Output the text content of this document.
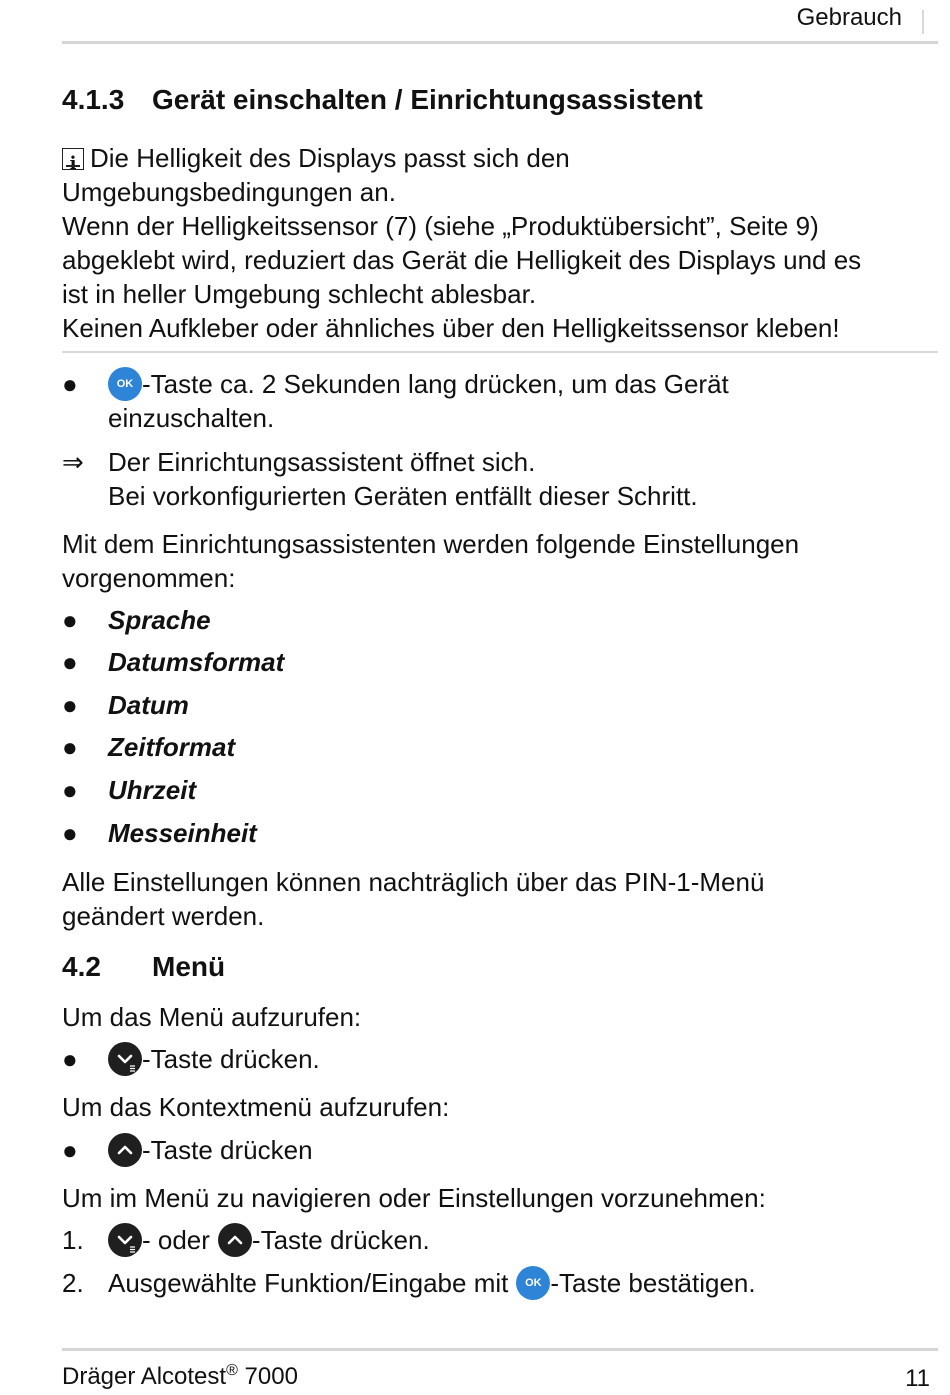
Gebrauch
4.1.3 Gerät einschalten / Einrichtungsassistent
iDie Helligkeit des Displays passt sich den
Umgebungsbedingungen an.
Wenn der Helligkeitssensor (7) (siehe „Produktübersicht”, Seite 9)
abgeklebt wird, reduziert das Gerät die Helligkeit des Displays und es
ist in heller Umgebung schlecht ablesbar.
Keinen Aufkleber oder ähnliches über den Helligkeitssensor kleben!
●	OK -Taste ca. 2 Sekunden lang drücken, um das Gerät
einzuschalten.
⇒ Der Einrichtungsassistent öffnet sich.
Bei vorkonfigurierten Geräten entfällt dieser Schritt.
Mit dem Einrichtungsassistenten werden folgende Einstellungen
vorgenommen:
●	Sprache
●	Datumsformat
●	Datum
●	Zeitformat
●	Uhrzeit
●	Messeinheit
Alle Einstellungen können nachträglich über das PIN-1-Menü
geändert werden.
4.2 Menü
Um das Menü aufzurufen:
●	-Taste drücken.
Um das Kontextmenü aufzurufen:
●	-Taste drücken
Um im Menü zu navigieren oder Einstellungen vorzunehmen:
1.	- oder -Taste drücken.
2. Ausgewählte Funktion/Eingabe mit	OK -Taste bestätigen.
Dräger Alcotest® 7000	11
